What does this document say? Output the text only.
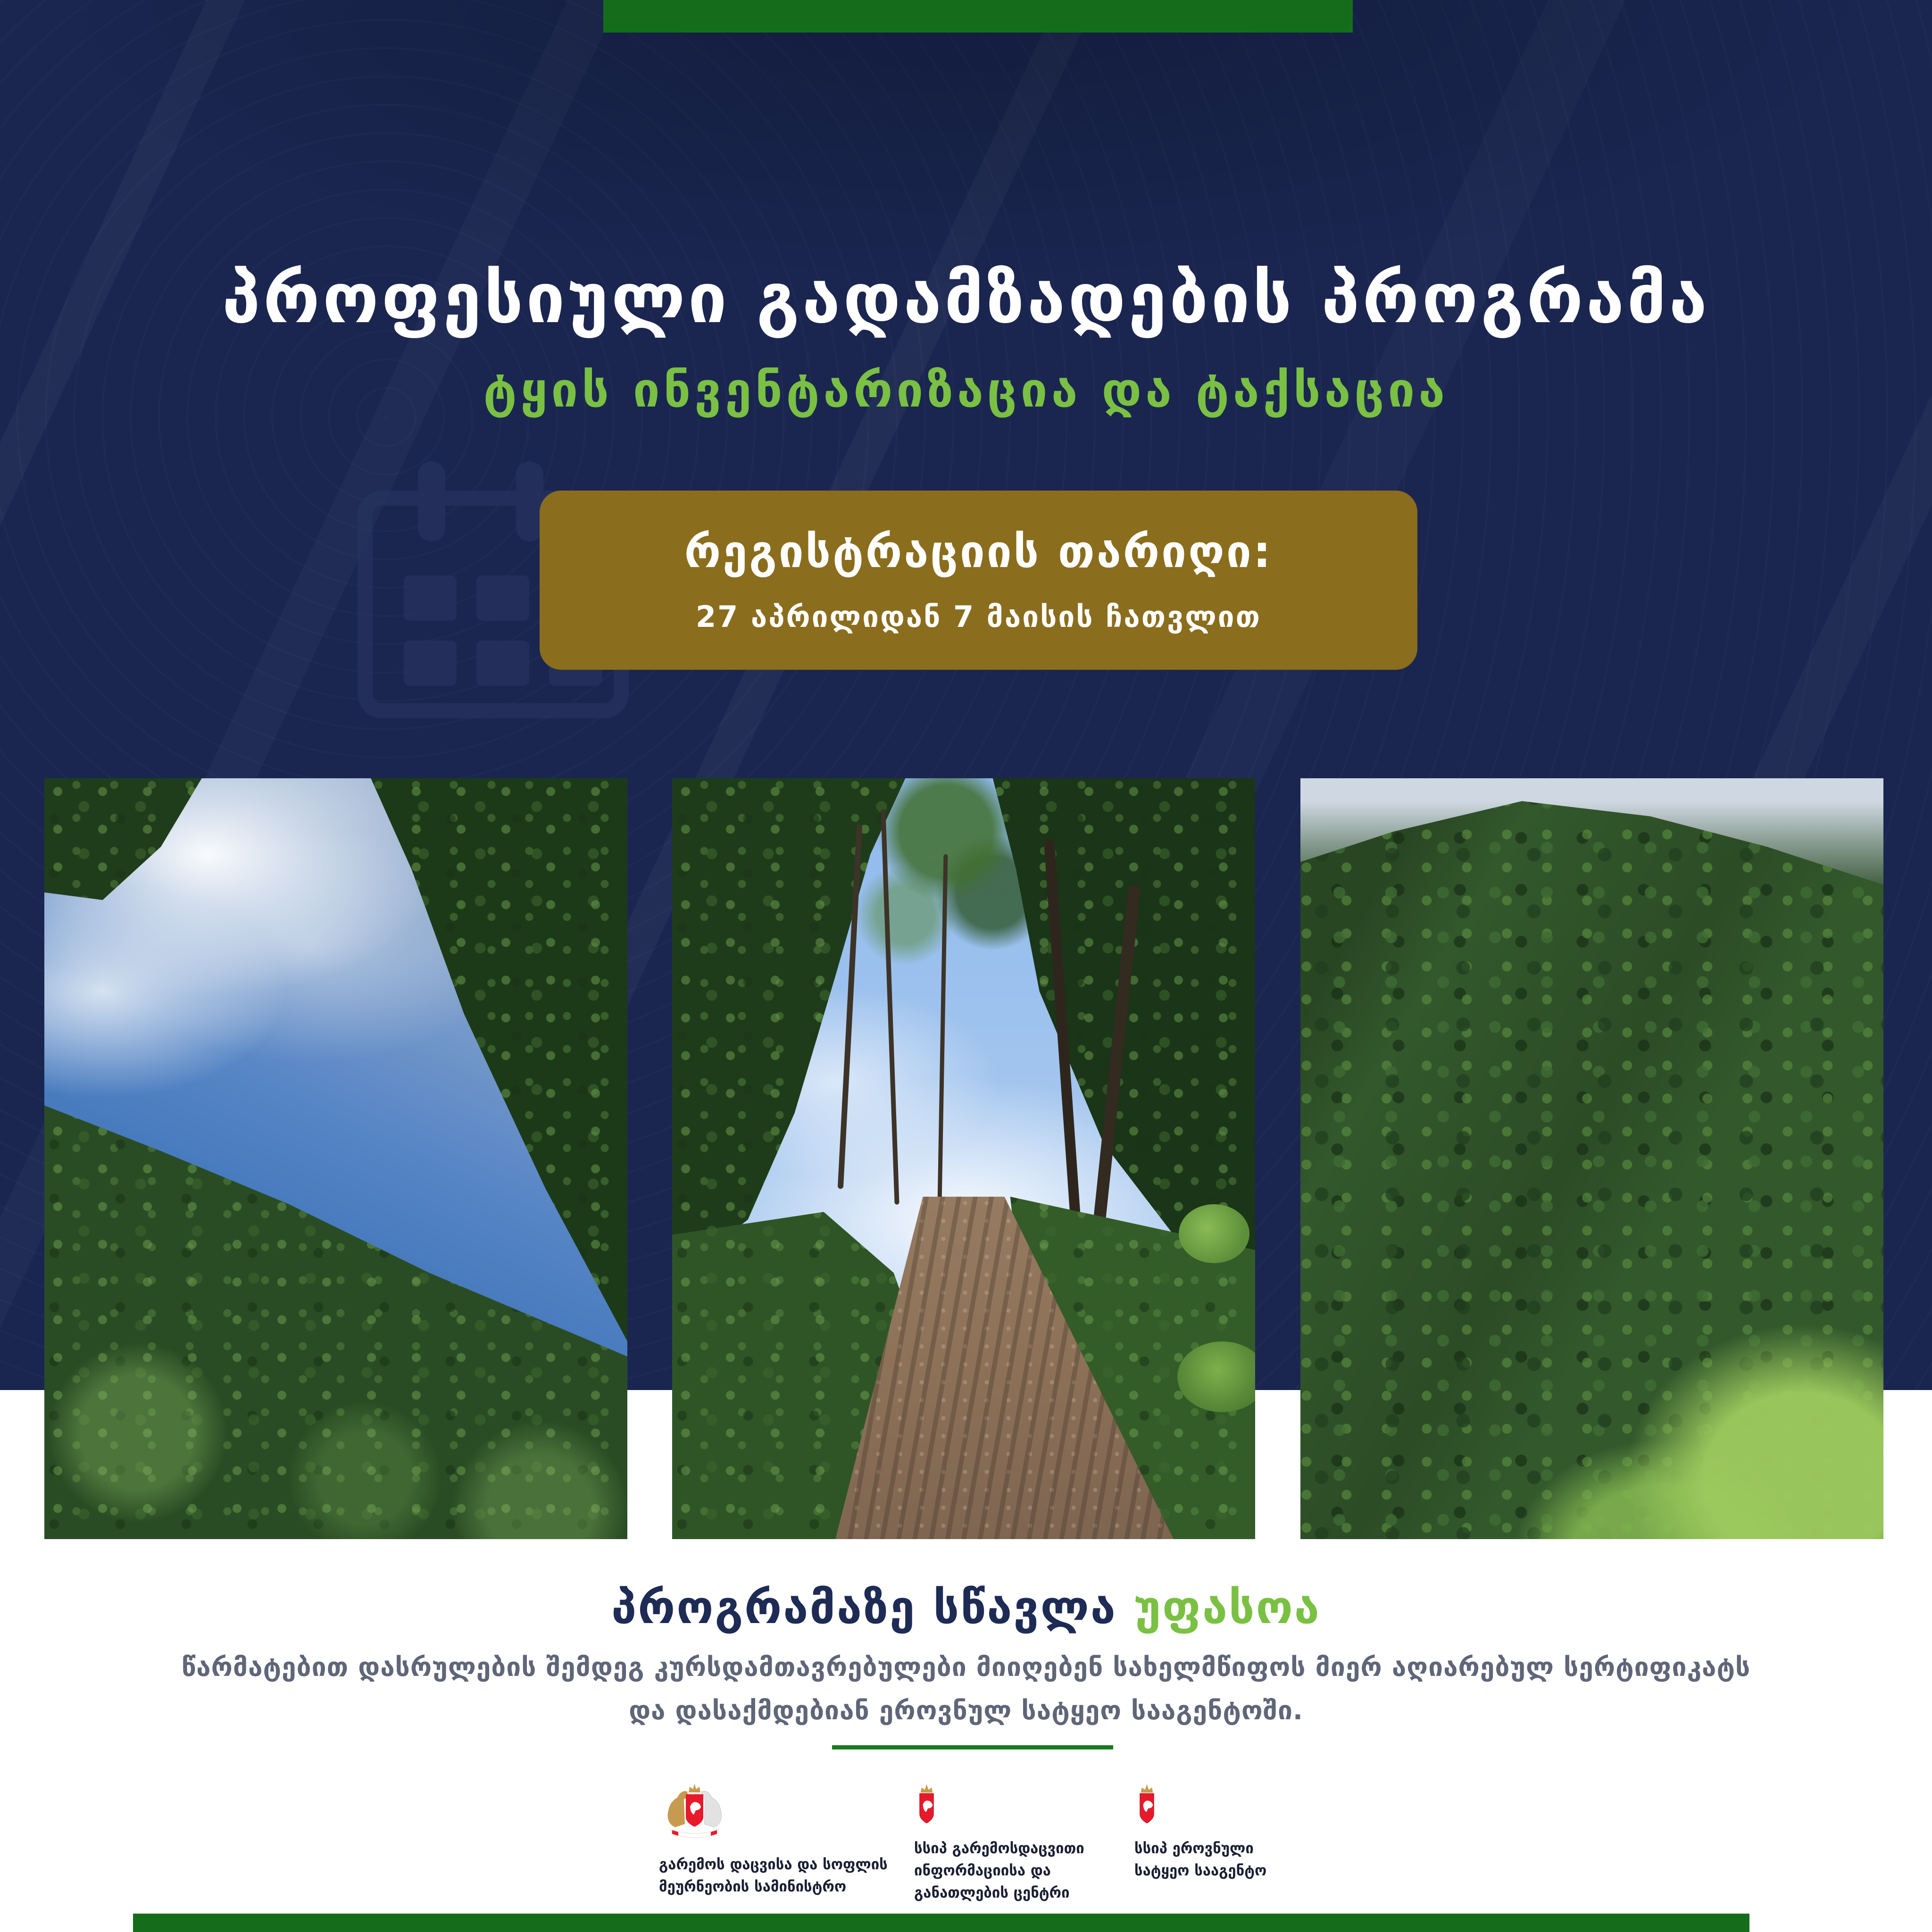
პროფესიული გადამზადების პროგრამა
ტყის ინვენტარიზაცია და ტაქსაცია
რეგისტრაციის თარიღი:
27 აპრილიდან 7 მაისის ჩათვლით
პროგრამაზე სწავლა უფასოა
წარმატებით დასრულების შემდეგ კურსდამთავრებულები მიიღებენ სახელმწიფოს მიერ აღიარებულ სერტიფიკატს
და დასაქმდებიან ეროვნულ სატყეო სააგენტოში.
გარემოს დაცვისა და სოფლის
მეურნეობის სამინისტრო
სსიპ გარემოსდაცვითი
ინფორმაციისა და
განათლების ცენტრი
სსიპ ეროვნული
სატყეო სააგენტო
